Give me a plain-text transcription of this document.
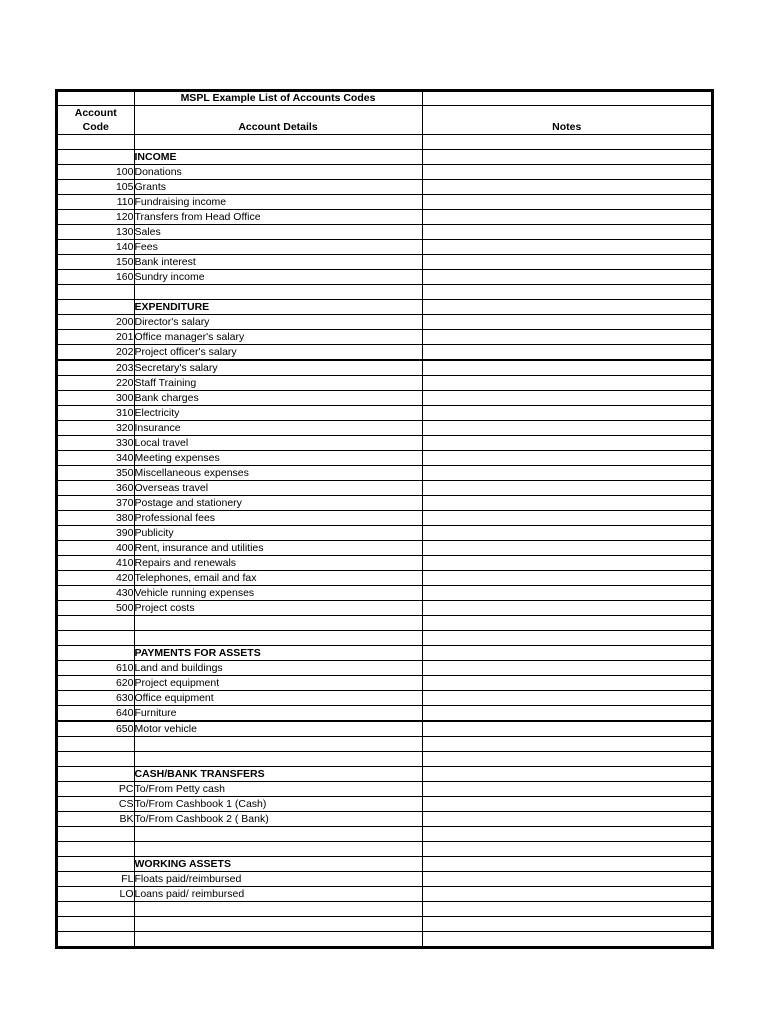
	MSPL Example List of Accounts Codes	
Account		
Code	Account Details	Notes

	INCOME	
100	Donations	
105	Grants	
110	Fundraising income	
120	Transfers from Head Office	
130	Sales	
140	Fees	
150	Bank interest	
160	Sundry income	

	EXPENDITURE	
200	Director's salary	
201	Office manager's salary	
202	Project officer's salary	
203	Secretary's salary	
220	Staff Training	
300	Bank charges	
310	Electricity	
320	Insurance	
330	Local travel	
340	Meeting expenses	
350	Miscellaneous expenses	
360	Overseas travel	
370	Postage and stationery	
380	Professional fees	
390	Publicity	
400	Rent, insurance and utilities	
410	Repairs and renewals	
420	Telephones, email and fax	
430	Vehicle running expenses	
500	Project costs	

	PAYMENTS FOR ASSETS	
610	Land and buildings	
620	Project equipment	
630	Office equipment	
640	Furniture	
650	Motor vehicle	

	CASH/BANK TRANSFERS	
PC	To/From Petty cash	
CS	To/From Cashbook 1 (Cash)	
BK	To/From Cashbook 2 ( Bank)	

	WORKING ASSETS	
FL	Floats paid/reimbursed	
LO	Loans paid/ reimbursed	
